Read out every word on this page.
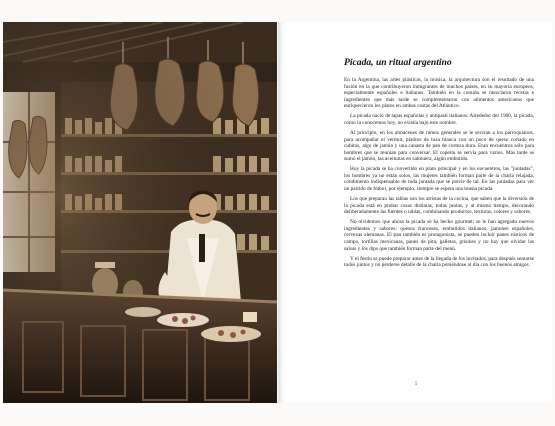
Picada, un ritual argentino

En la Argentina, las artes plásticas, la música, la arquitectura son el resultado de una fusión en la que contribuyeron inmigrantes de muchos países, en su mayoría europeos, especialmente españoles e italianos. También en la comida se mezclaron recetas e ingredientes que más tarde se complementaron con alimentos americanos que enriquecieron los platos en ambas costas del Atlántico.

La picada nació de tapas españolas y antipasti italianos. Alrededor del 1900, la picada, como la conocemos hoy, no existía bajo este nombre.

Al principio, en los almacenes de ramos generales se le servían a los parroquianos, para acompañar el vermut, platitos de loza blanca con un poco de queso cortado en cubitos, algo de jamón y una canasta de pan de corteza dura. Eran encuentros sólo para hombres que se reunían para conversar. El copetín se servía para varios. Más tarde se sumó el jamón, las aceitunas en salmuera, algún embutido.

Hoy la picada se ha convertido en plato principal y en los encuentros, las "juntadas", los hombres ya no están solos, las mujeres también forman parte de la charla relajada, condimento indispensable de toda juntada que se precie de tal. En las juntadas para ver un partido de fútbol, por ejemplo, siempre se espera una buena picada.

Los que preparan las tablas son los artistas de la cocina, que saben que la diversión de la picada está en probar cosas distintas, todas juntas, y al mismo tiempo, decorando deliberadamente las fuentes o tablas, combinando productos, texturas, colores y sabores.

No olvidemos que ahora la picada se ha hecho gourmet; se le han agregado nuevos ingredientes y sabores: quesos franceses, embutidos italianos, jamones españoles, cervezas alemanas. El pan también es protagonista, se pueden incluir panes rústicos de campo, tortillas mexicanas, panes de pita, galletas, grisines y no hay que olvidar las salsas y los dips que también forman parte del menú.

Y el festín se puede preparar antes de la llegada de los invitados, para después sentarse todos juntos y no perderse detalle de la charla poniéndose al día con los buenos amigos.

5
